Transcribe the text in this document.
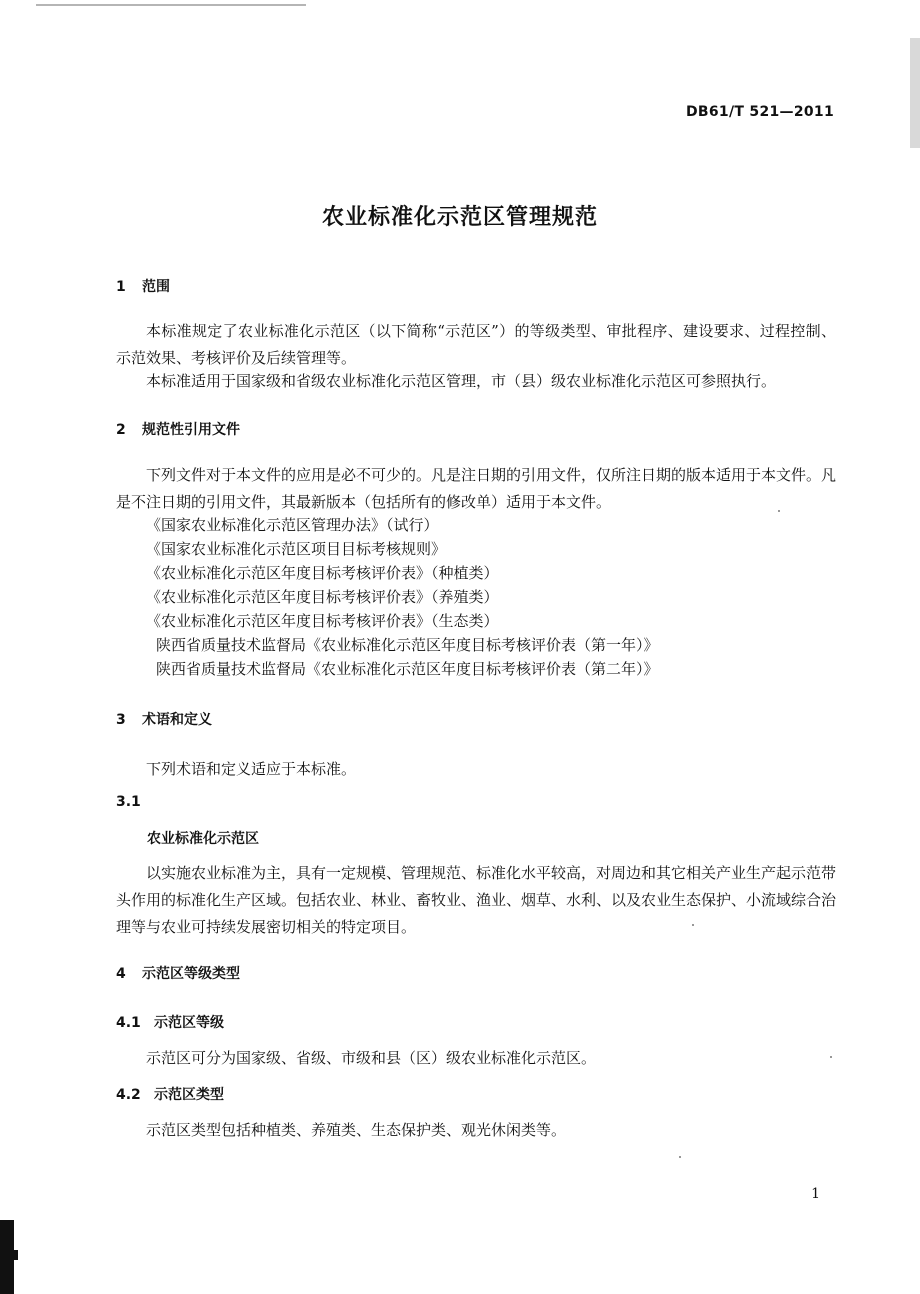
DB61/T 521—2011
农业标准化示范区管理规范
1 范围
本标准规定了农业标准化示范区（以下简称“示范区”）的等级类型、审批程序、建设要求、过程控制、示范效果、考核评价及后续管理等。
本标准适用于国家级和省级农业标准化示范区管理，市（县）级农业标准化示范区可参照执行。
2 规范性引用文件
下列文件对于本文件的应用是必不可少的。凡是注日期的引用文件，仅所注日期的版本适用于本文件。凡是不注日期的引用文件，其最新版本（包括所有的修改单）适用于本文件。
《国家农业标准化示范区管理办法》（试行）
《国家农业标准化示范区项目目标考核规则》
《农业标准化示范区年度目标考核评价表》（种植类）
《农业标准化示范区年度目标考核评价表》（养殖类）
《农业标准化示范区年度目标考核评价表》（生态类）
陕西省质量技术监督局《农业标准化示范区年度目标考核评价表（第一年）》
陕西省质量技术监督局《农业标准化示范区年度目标考核评价表（第二年）》
3 术语和定义
下列术语和定义适应于本标准。
3.1
农业标准化示范区
以实施农业标准为主，具有一定规模、管理规范、标准化水平较高，对周边和其它相关产业生产起示范带头作用的标准化生产区域。包括农业、林业、畜牧业、渔业、烟草、水利、以及农业生态保护、小流域综合治理等与农业可持续发展密切相关的特定项目。
4 示范区等级类型
4.1 示范区等级
示范区可分为国家级、省级、市级和县（区）级农业标准化示范区。
4.2 示范区类型
示范区类型包括种植类、养殖类、生态保护类、观光休闲类等。
1
